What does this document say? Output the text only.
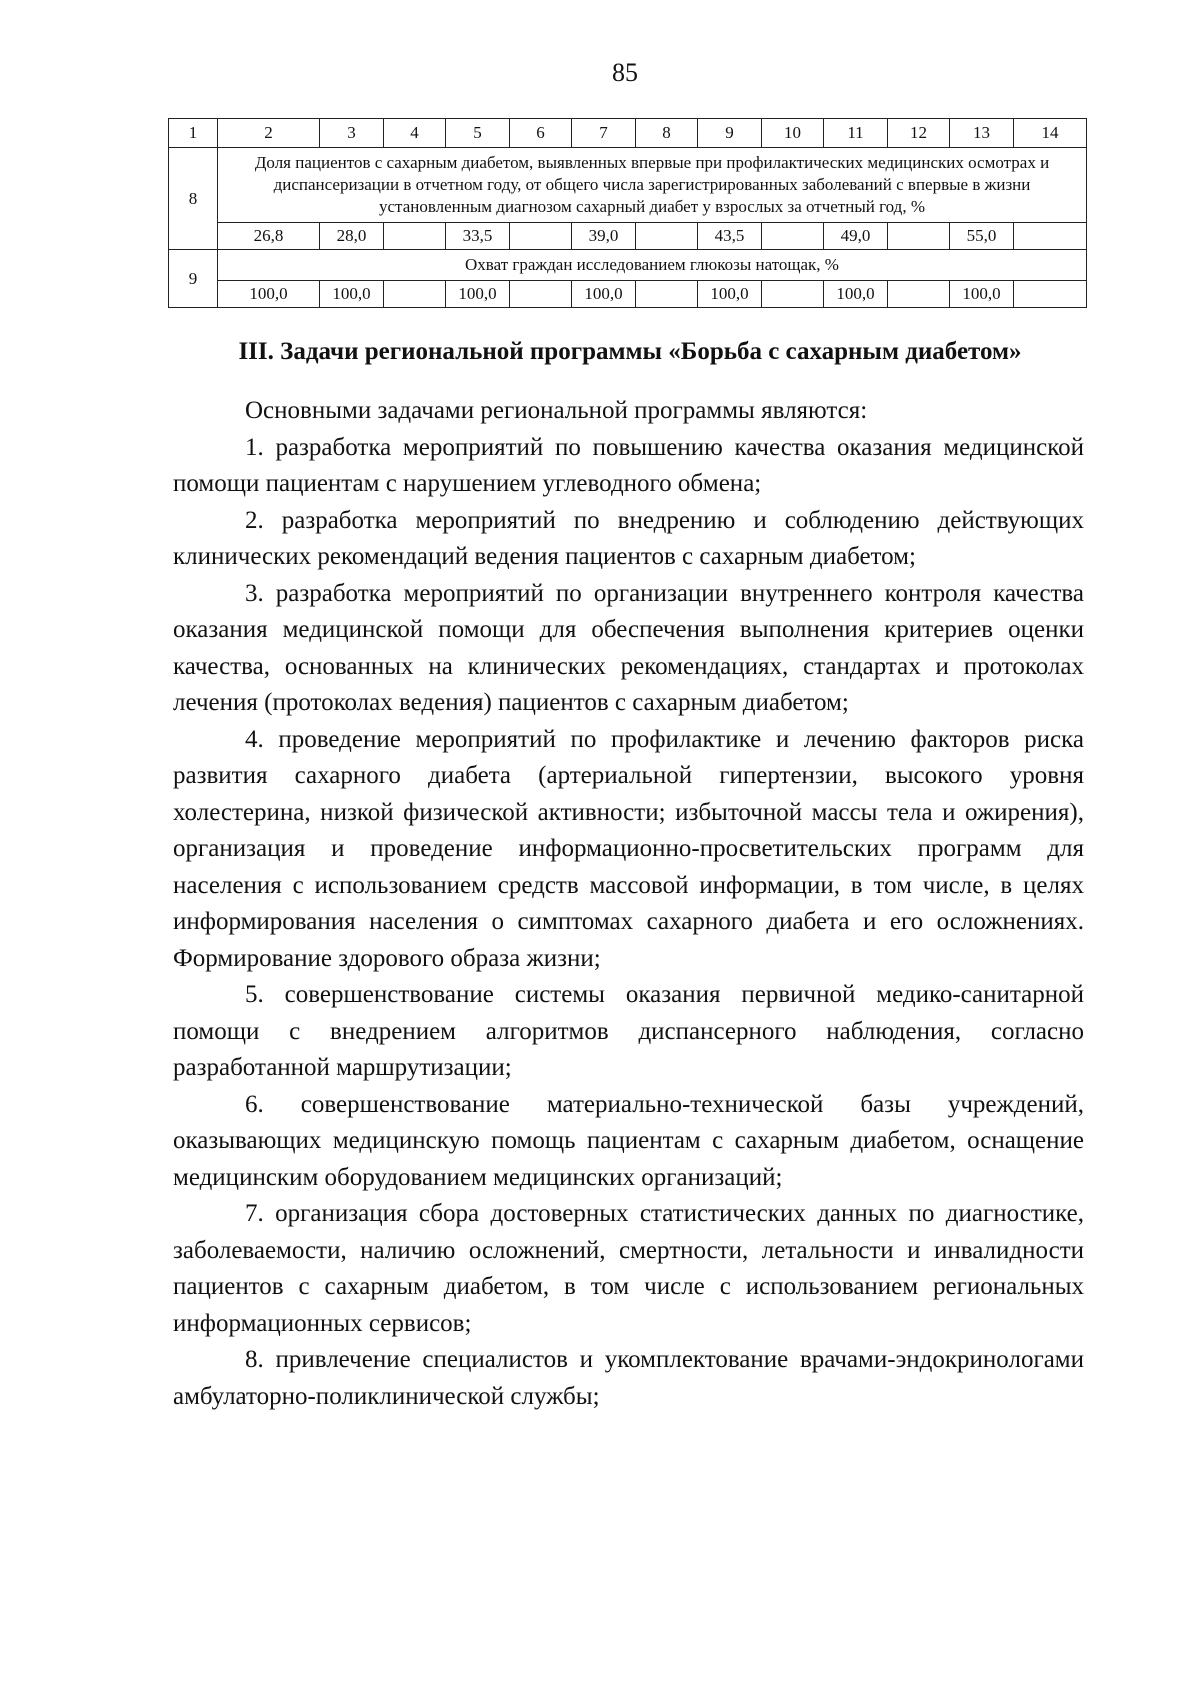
85
1	2	3	4	5	6	7	8	9	10	11	12	13	14
8	Доля пациентов с сахарным диабетом, выявленных впервые при профилактических медицинских осмотрах и диспансеризации в отчетном году, от общего числа зарегистрированных заболеваний с впервые в жизни установленным диагнозом сахарный диабет у взрослых за отчетный год, %												
	26,8	28,0		33,5		39,0		43,5		49,0		55,0	
9	Охват граждан исследованием глюкозы натощак, %												
	100,0	100,0		100,0		100,0		100,0		100,0		100,0	
III. Задачи региональной программы «Борьба с сахарным диабетом»

Основными задачами региональной программы являются:

1. разработка мероприятий по повышению качества оказания медицинской помощи пациентам с нарушением углеводного обмена;

2. разработка мероприятий по внедрению и соблюдению действующих клинических рекомендаций ведения пациентов с сахарным диабетом;

3. разработка мероприятий по организации внутреннего контроля качества оказания медицинской помощи для обеспечения выполнения критериев оценки качества, основанных на клинических рекомендациях, стандартах и протоколах лечения (протоколах ведения) пациентов с сахарным диабетом;

4. проведение мероприятий по профилактике и лечению факторов риска развития сахарного диабета (артериальной гипертензии, высокого уровня холестерина, низкой физической активности; избыточной массы тела и ожирения), организация и проведение информационно-просветительских программ для населения с использованием средств массовой информации, в том числе, в целях информирования населения о симптомах сахарного диабета и его осложнениях. Формирование здорового образа жизни;

5. совершенствование системы оказания первичной медико-санитарной помощи с внедрением алгоритмов диспансерного наблюдения, согласно разработанной маршрутизации;

6. совершенствование материально-технической базы учреждений, оказывающих медицинскую помощь пациентам с сахарным диабетом, оснащение медицинским оборудованием медицинских организаций;

7. организация сбора достоверных статистических данных по диагностике, заболеваемости, наличию осложнений, смертности, летальности и инвалидности пациентов с сахарным диабетом, в том числе с использованием региональных информационных сервисов;

8. привлечение специалистов и укомплектование врачами-эндокринологами амбулаторно-поликлинической службы;
